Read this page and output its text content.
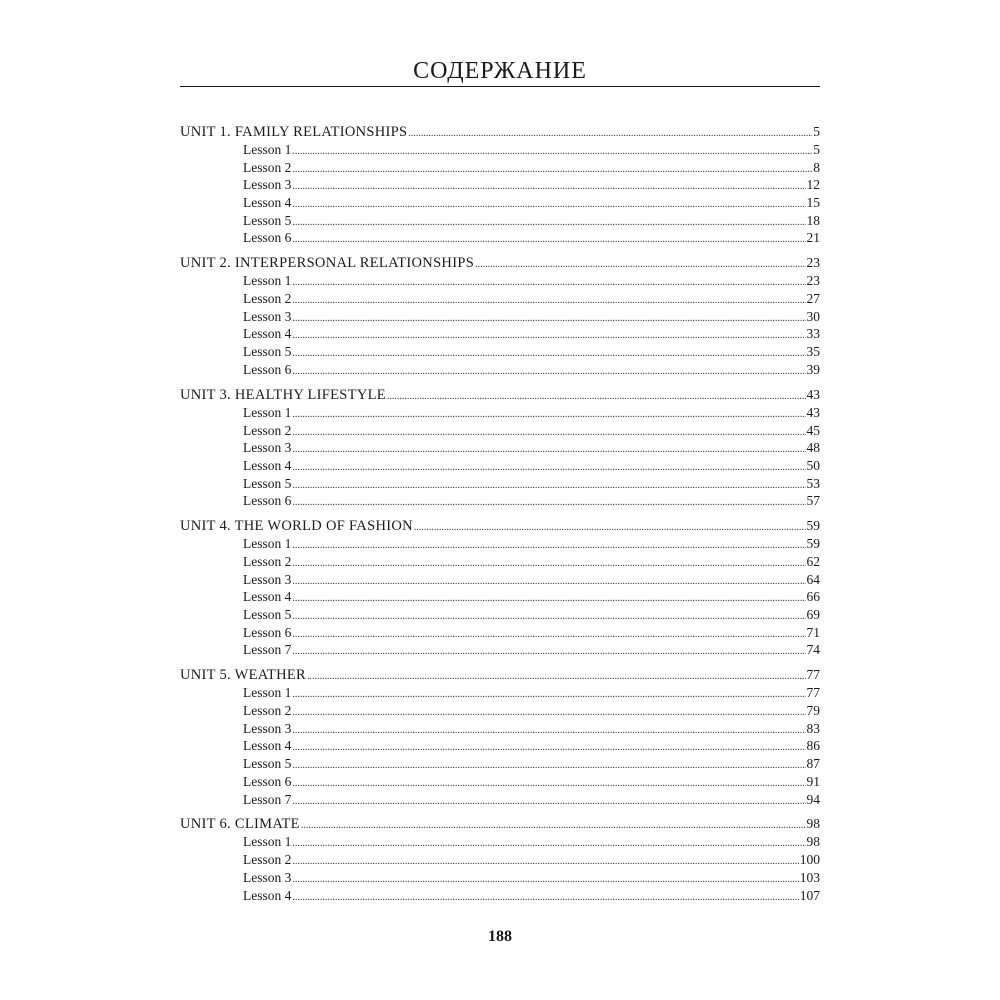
СОДЕРЖАНИЕ
UNIT 1. FAMILY RELATIONSHIPS .....	5
Lesson 1 .....	5
Lesson 2 .....	8
Lesson 3 .....	12
Lesson 4 .....	15
Lesson 5 .....	18
Lesson 6 .....	21
UNIT 2. INTERPERSONAL RELATIONSHIPS .....	23
Lesson 1 .....	23
Lesson 2 .....	27
Lesson 3 .....	30
Lesson 4 .....	33
Lesson 5 .....	35
Lesson 6 .....	39
UNIT 3. HEALTHY LIFESTYLE .....	43
Lesson 1 .....	43
Lesson 2 .....	45
Lesson 3 .....	48
Lesson 4 .....	50
Lesson 5 .....	53
Lesson 6 .....	57
UNIT 4. THE WORLD OF FASHION .....	59
Lesson 1 .....	59
Lesson 2 .....	62
Lesson 3 .....	64
Lesson 4 .....	66
Lesson 5 .....	69
Lesson 6 .....	71
Lesson 7 .....	74
UNIT 5. WEATHER .....	77
Lesson 1 .....	77
Lesson 2 .....	79
Lesson 3 .....	83
Lesson 4 .....	86
Lesson 5 .....	87
Lesson 6 .....	91
Lesson 7 .....	94
UNIT 6. CLIMATE .....	98
Lesson 1 .....	98
Lesson 2 .....	100
Lesson 3 .....	103
Lesson 4 .....	107
188
